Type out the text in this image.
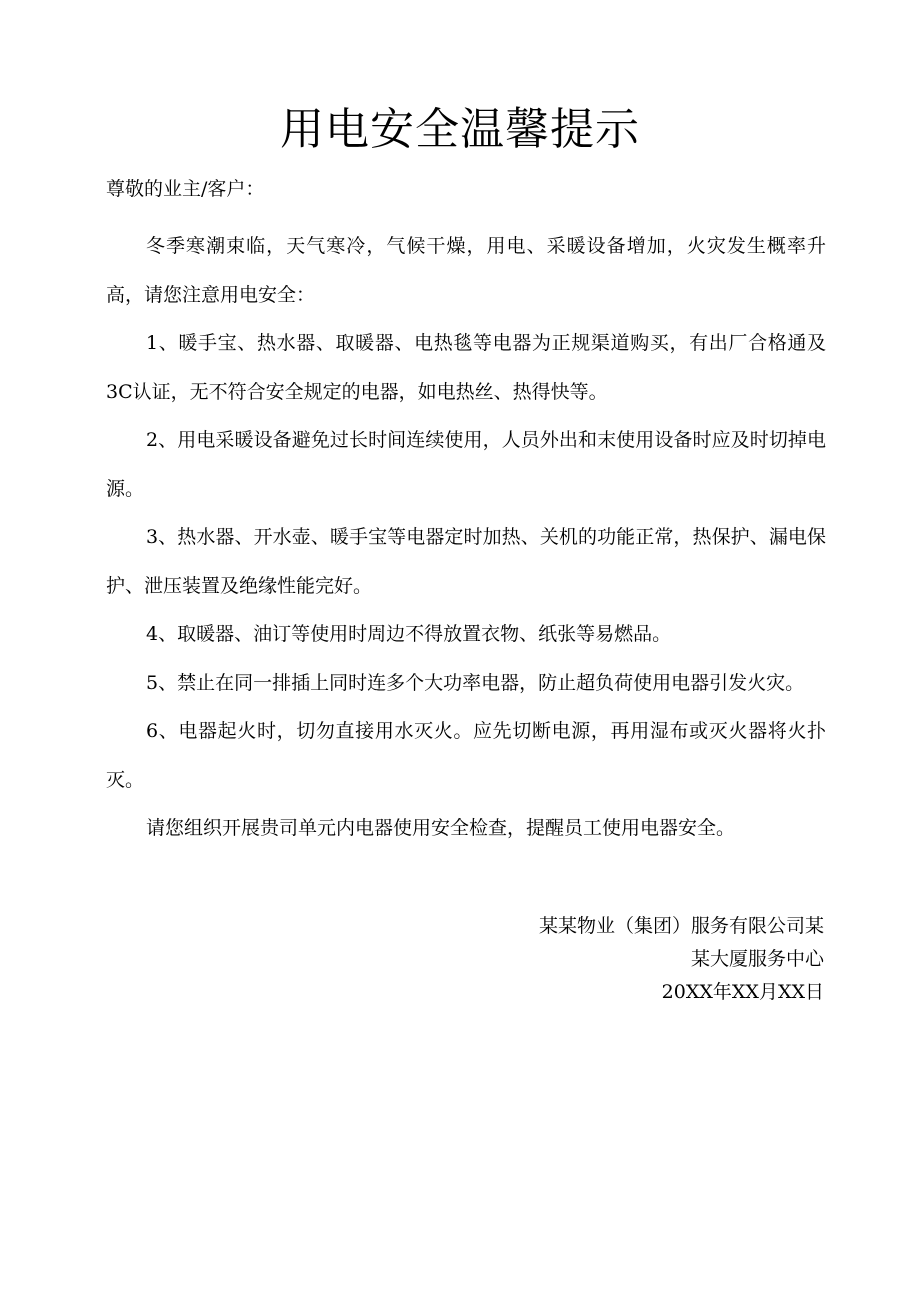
用电安全温馨提示
尊敬的业主/客户：

冬季寒潮束临，天气寒冷，气候干燥，用电、采暖设备增加，火灾发生概率升高，请您注意用电安全：

1、暖手宝、热水器、取暖器、电热毯等电器为正规渠道购买，有出厂合格通及3C认证，无不符合安全规定的电器，如电热丝、热得快等。

2、用电采暖设备避免过长时间连续使用，人员外出和末使用设备时应及时切掉电源。

3、热水器、开水壶、暖手宝等电器定时加热、关机的功能正常，热保护、漏电保护、泄压装置及绝缘性能完好。

4、取暖器、油订等使用时周边不得放置衣物、纸张等易燃品。

5、禁止在同一排插上同时连多个大功率电器，防止超负荷使用电器引发火灾。

6、电器起火时，切勿直接用水灭火。应先切断电源，再用湿布或灭火器将火扑灭。

请您组织开展贵司单元内电器使用安全检查，提醒员工使用电器安全。

某某物业（集团）服务有限公司某
某大厦服务中心
20XX年XX月XX日
